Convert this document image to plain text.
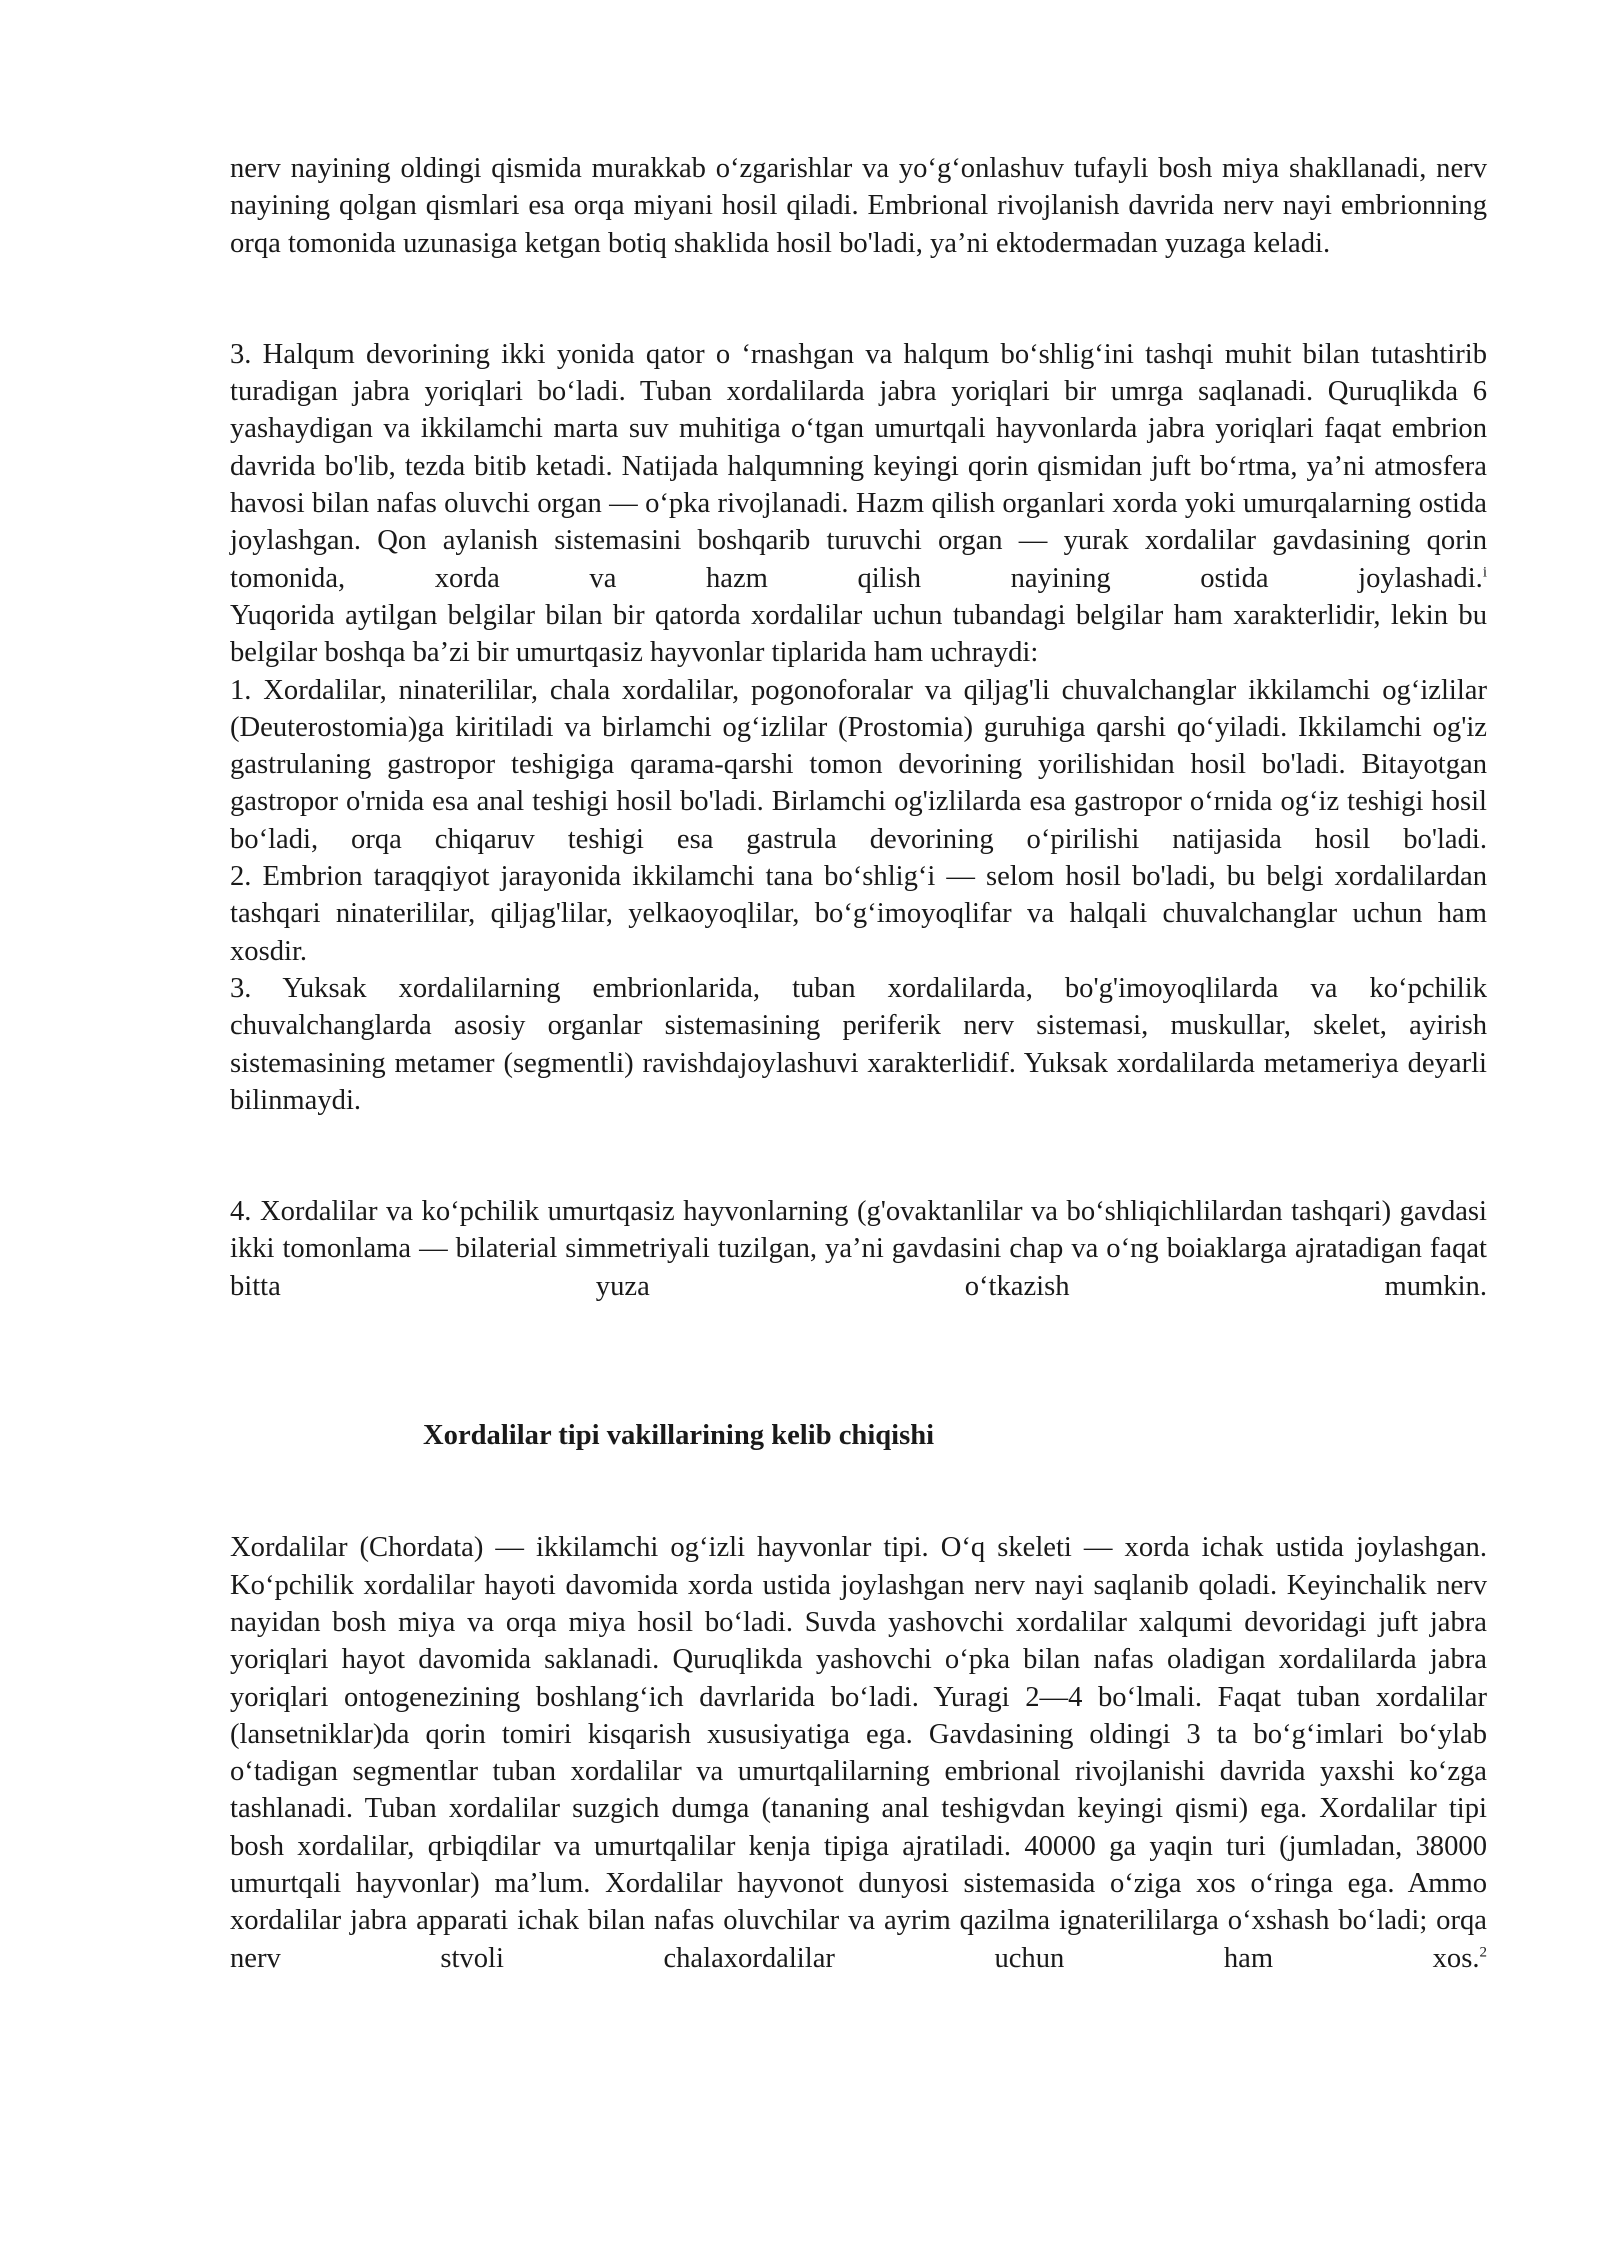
nerv nayining oldingi qismida murakkab o‘zgarishlar va yo‘g‘onlashuv tufayli bosh miya shakllanadi, nerv nayining qolgan qismlari esa orqa miyani hosil qiladi. Embrional rivojlanish davrida nerv nayi embrionning orqa tomonida uzunasiga ketgan botiq shaklida hosil bo'ladi, ya’ni ektodermadan yuzaga keladi.

3. Halqum devorining ikki yonida qator o ‘rnashgan va halqum bo‘shlig‘ini tashqi muhit bilan tutashtirib turadigan jabra yoriqlari bo‘ladi. Tuban xordalilarda jabra yoriqlari bir umrga saqlanadi. Quruqlikda 6 yashaydigan va ikkilamchi marta suv muhitiga o‘tgan umurtqali hayvonlarda jabra yoriqlari faqat embrion davrida bo'lib, tezda bitib ketadi. Natijada halqumning keyingi qorin qismidan juft bo‘rtma, ya’ni atmosfera havosi bilan nafas oluvchi organ — o‘pka rivojlanadi. Hazm qilish organlari xorda yoki umurqalarning ostida joylashgan. Qon aylanish sistemasini boshqarib turuvchi organ — yurak xordalilar gavdasining qorin tomonida, xorda va hazm qilish nayining ostida joylashadi.$^i$

Yuqorida aytilgan belgilar bilan bir qatorda xordalilar uchun tubandagi belgilar ham xarakterlidir, lekin bu belgilar boshqa ba’zi bir umurtqasiz hayvonlar tiplarida ham uchraydi:

1. Xordalilar, ninaterililar, chala xordalilar, pogonoforalar va qiljag'li chuvalchanglar ikkilamchi og‘izlilar (Deuterostomia)ga kiritiladi va birlamchi og‘izlilar (Prostomia) guruhiga qarshi qo‘yiladi. Ikkilamchi og'iz gastrulaning gastropor teshigiga qarama-qarshi tomon devorining yorilishidan hosil bo'ladi. Bitayotgan gastropor o'rnida esa anal teshigi hosil bo'ladi. Birlamchi og'izlilarda esa gastropor o‘rnida og‘iz teshigi hosil bo‘ladi, orqa chiqaruv teshigi esa gastrula devorining o‘pirilishi natijasida hosil bo'ladi.

2. Embrion taraqqiyot jarayonida ikkilamchi tana bo‘shlig‘i — selom hosil bo'ladi, bu belgi xordalilardan tashqari ninaterililar, qiljag'lilar, yelkaoyoqlilar, bo‘g‘imoyoqlifar va halqali chuvalchanglar uchun ham xosdir.

3. Yuksak xordalilarning embrionlarida, tuban xordalilarda, bo'g'imoyoqlilarda va ko‘pchilik chuvalchanglarda asosiy organlar sistemasining periferik nerv sistemasi, muskullar, skelet, ayirish sistemasining metamer (segmentli) ravishdajoylashuvi xarakterlidif. Yuksak xordalilarda metameriya deyarli bilinmaydi.

4. Xordalilar va ko‘pchilik umurtqasiz hayvonlarning (g'ovaktanlilar va bo‘shliqichlilardan tashqari) gavdasi ikki tomonlama — bilaterial simmetriyali tuzilgan, ya’ni gavdasini chap va o‘ng boiaklarga ajratadigan faqat bitta yuza o‘tkazish mumkin.

Xordalilar tipi vakillarining kelib chiqishi

Xordalilar (Chordata) — ikkilamchi og‘izli hayvonlar tipi. O‘q skeleti — xorda ichak ustida joylashgan. Ko‘pchilik xordalilar hayoti davomida xorda ustida joylashgan nerv nayi saqlanib qoladi. Keyinchalik nerv nayidan bosh miya va orqa miya hosil bo‘ladi. Suvda yashovchi xordalilar xalqumi devoridagi juft jabra yoriqlari hayot davomida saklanadi. Quruqlikda yashovchi o‘pka bilan nafas oladigan xordalilarda jabra yoriqlari ontogenezining boshlang‘ich davrlarida bo‘ladi. Yuragi 2—4 bo‘lmali. Faqat tuban xordalilar (lansetniklar)da qorin tomiri kisqarish xususiyatiga ega. Gavdasining oldingi 3 ta bo‘g‘imlari bo‘ylab o‘tadigan segmentlar tuban xordalilar va umurtqalilarning embrional rivojlanishi davrida yaxshi ko‘zga tashlanadi. Tuban xordalilar suzgich dumga (tananing anal teshigvdan keyingi qismi) ega. Xordalilar tipi bosh xordalilar, qrbiqdilar va umurtqalilar kenja tipiga ajratiladi. 40000 ga yaqin turi (jumladan, 38000 umurtqali hayvonlar) ma’lum. Xordalilar hayvonot dunyosi sistemasida o‘ziga xos o‘ringa ega. Ammo xordalilar jabra apparati ichak bilan nafas oluvchilar va ayrim qazilma ignaterililarga o‘xshash bo‘ladi; orqa nerv stvoli chalaxordalilar uchun ham xos.$^2$
